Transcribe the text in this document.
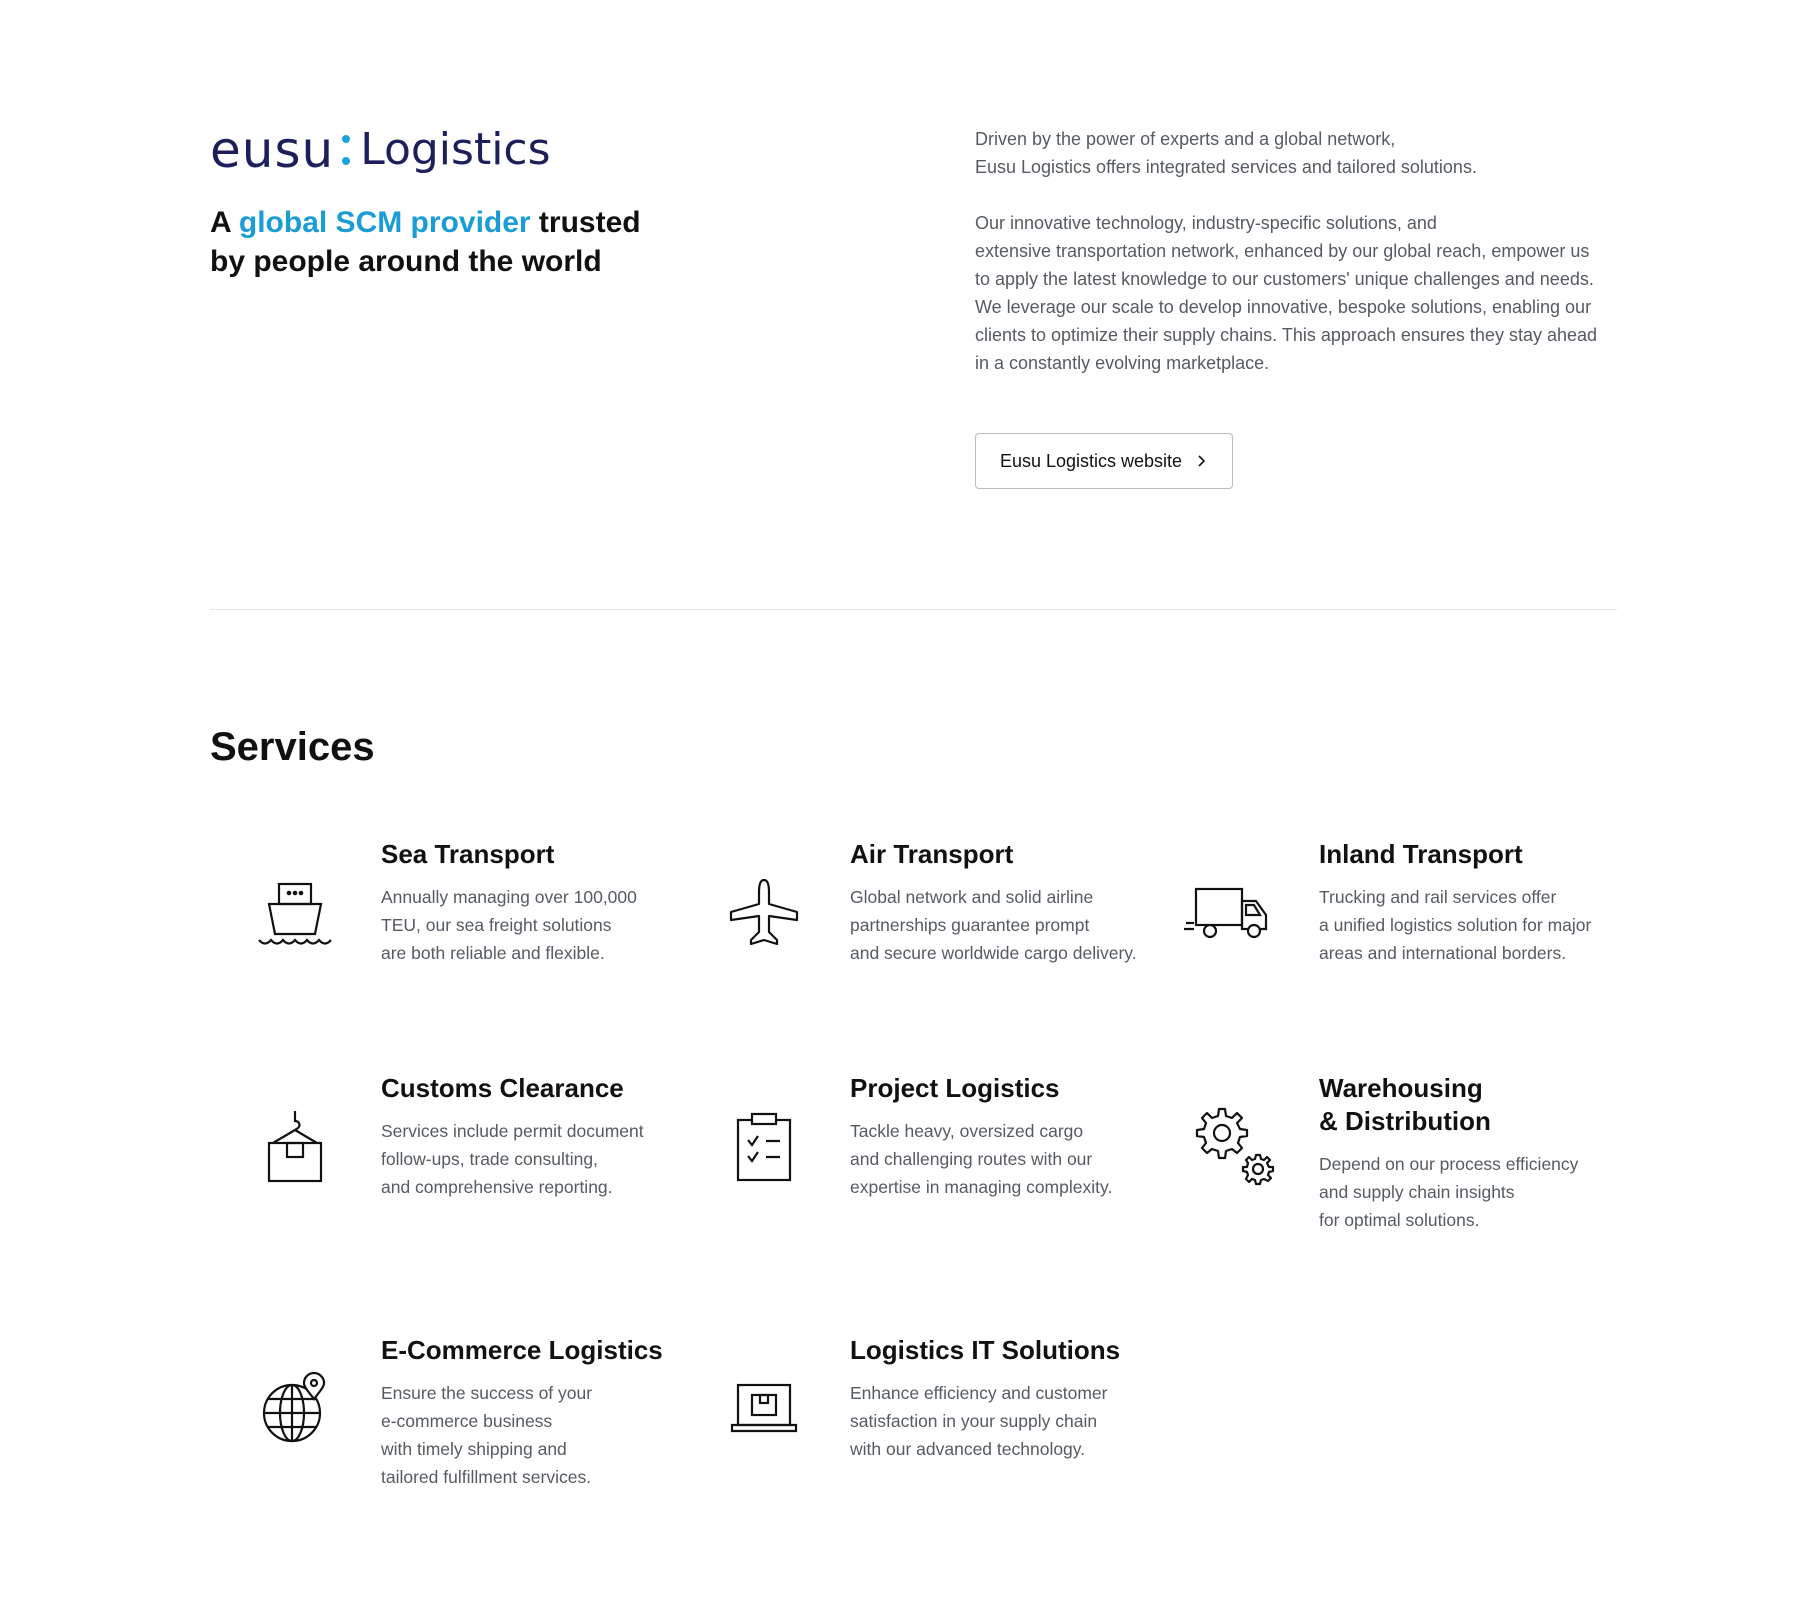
eusu Logistics
A global SCM provider trusted
by people around the world

Driven by the power of experts and a global network,
Eusu Logistics offers integrated services and tailored solutions.

Our innovative technology, industry-specific solutions, and
extensive transportation network, enhanced by our global reach, empower us
to apply the latest knowledge to our customers' unique challenges and needs.
We leverage our scale to develop innovative, bespoke solutions, enabling our
clients to optimize their supply chains. This approach ensures they stay ahead
in a constantly evolving marketplace.

Eusu Logistics website
Services
Sea Transport
Annually managing over 100,000
TEU, our sea freight solutions
are both reliable and flexible.
Air Transport
Global network and solid airline
partnerships guarantee prompt
and secure worldwide cargo delivery.
Inland Transport
Trucking and rail services offer
a unified logistics solution for major
areas and international borders.
Customs Clearance
Services include permit document
follow-ups, trade consulting,
and comprehensive reporting.
Project Logistics
Tackle heavy, oversized cargo
and challenging routes with our
expertise in managing complexity.
Warehousing
& Distribution
Depend on our process efficiency
and supply chain insights
for optimal solutions.
E-Commerce Logistics
Ensure the success of your
e-commerce business
with timely shipping and
tailored fulfillment services.
Logistics IT Solutions
Enhance efficiency and customer
satisfaction in your supply chain
with our advanced technology.
